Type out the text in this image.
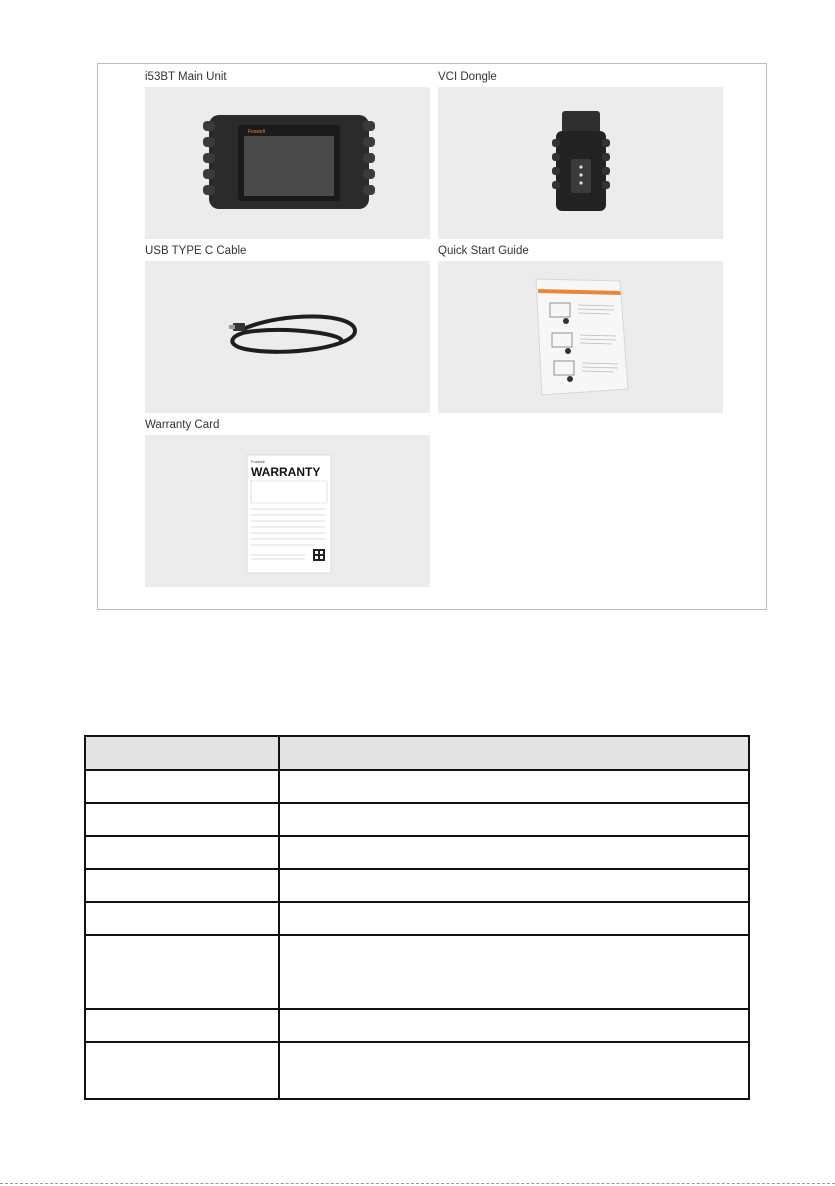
i53BT Main Unit
Foxwell
VCI Dongle
USB TYPE C Cable	Quick Start Guide
Warranty Card
Foxwell
WARRANTY
